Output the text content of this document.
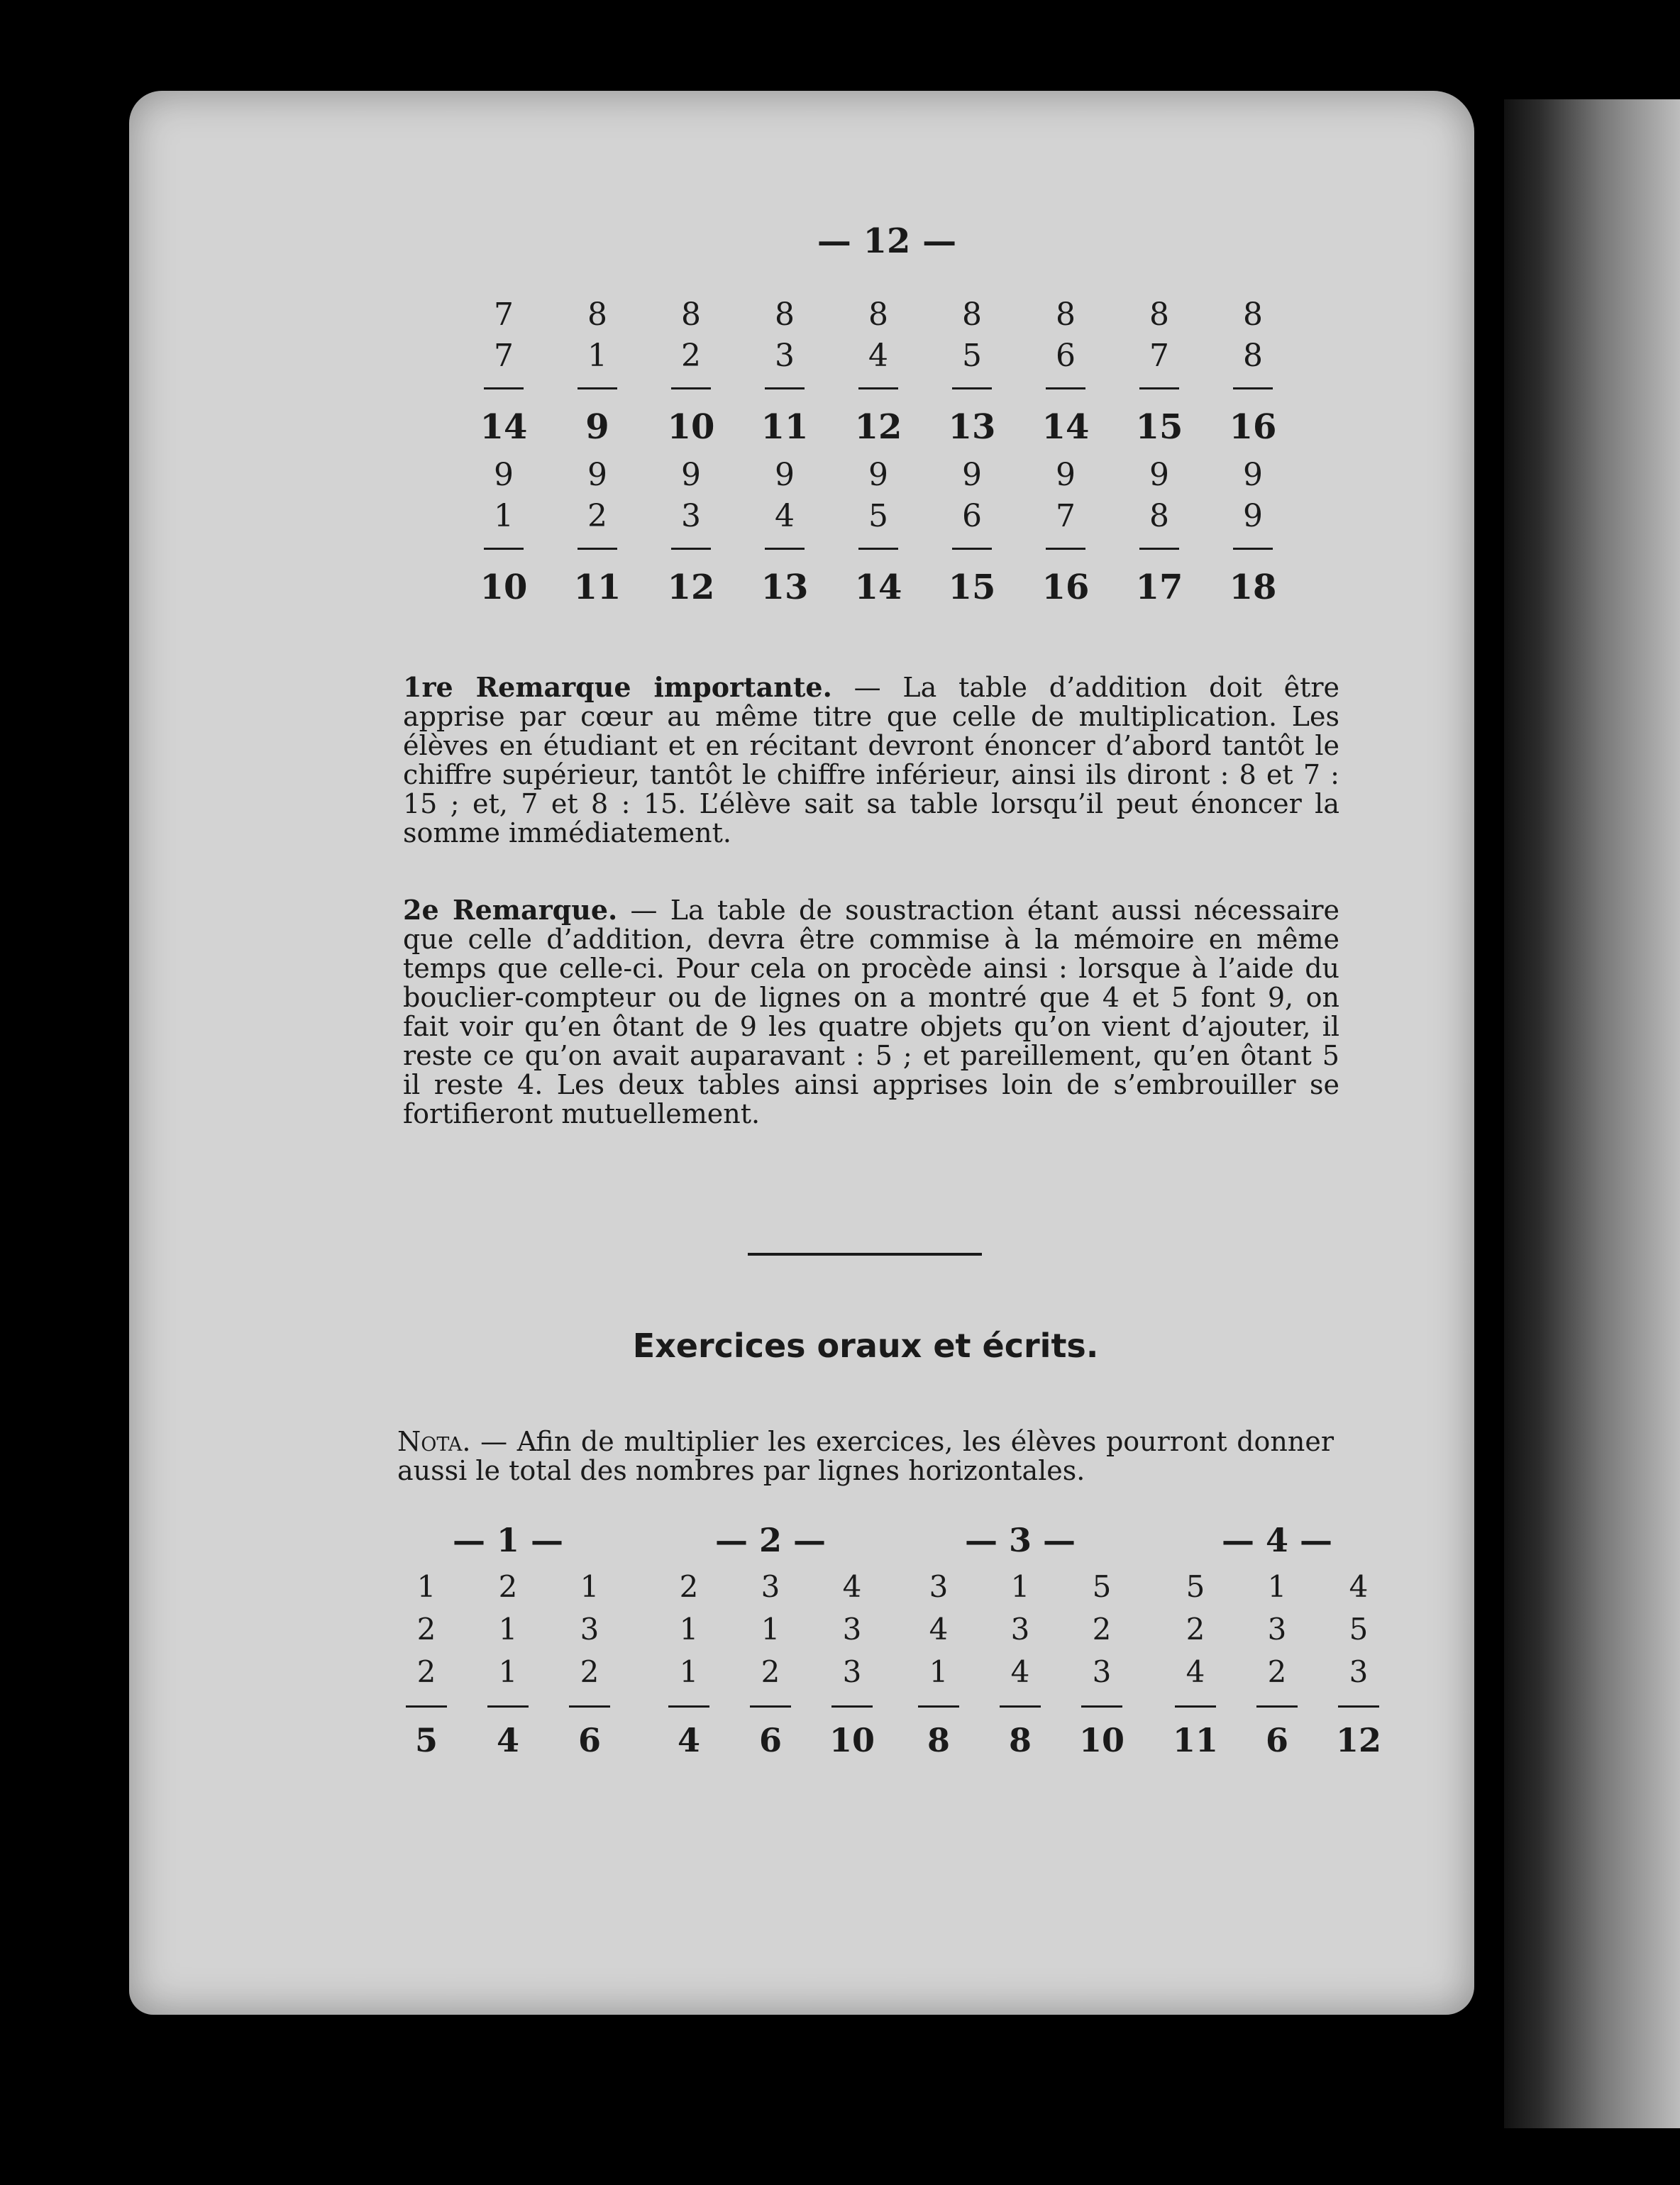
— 12 —
7	8	8	8	8	8	8	8	8
7	1	2	3	4	5	6	7	8
14	9	10	11	12	13	14	15	16
9	9	9	9	9	9	9	9	9
1	2	3	4	5	6	7	8	9
10	11	12	13	14	15	16	17	18
1re Remarque importante. — La table d’addition doit être apprise par cœur au même titre que celle de multiplication. Les élèves en étudiant et en récitant devront énoncer d’abord tantôt le chiffre supérieur, tantôt le chiffre inférieur, ainsi ils diront : 8 et 7 : 15 ; et, 7 et 8 : 15. L’élève sait sa table lorsqu’il peut énoncer la somme immédiatement.
2e Remarque. — La table de soustraction étant aussi nécessaire que celle d’addition, devra être commise à la mémoire en même temps que celle-ci. Pour cela on procède ainsi : lorsque à l’aide du bouclier-compteur ou de lignes on a montré que 4 et 5 font 9, on fait voir qu’en ôtant de 9 les quatre objets qu’on vient d’ajouter, il reste ce qu’on avait auparavant : 5 ; et pareillement, qu’en ôtant 5 il reste 4. Les deux tables ainsi apprises loin de s’embrouiller se fortifieront mutuellement.
Exercices oraux et écrits.
Nota. — Afin de multiplier les exercices, les élèves pourront donner aussi le total des nombres par lignes horizontales.
— 1 —
1	2	1
2	1	3
2	1	2
5	4	6
— 2 —
2	3	4
1	1	3
1	2	3
4	6	10
— 3 —
3	1	5
4	3	2
1	4	3
8	8	10
— 4 —
5	1	4
2	3	5
4	2	3
11	6	12
